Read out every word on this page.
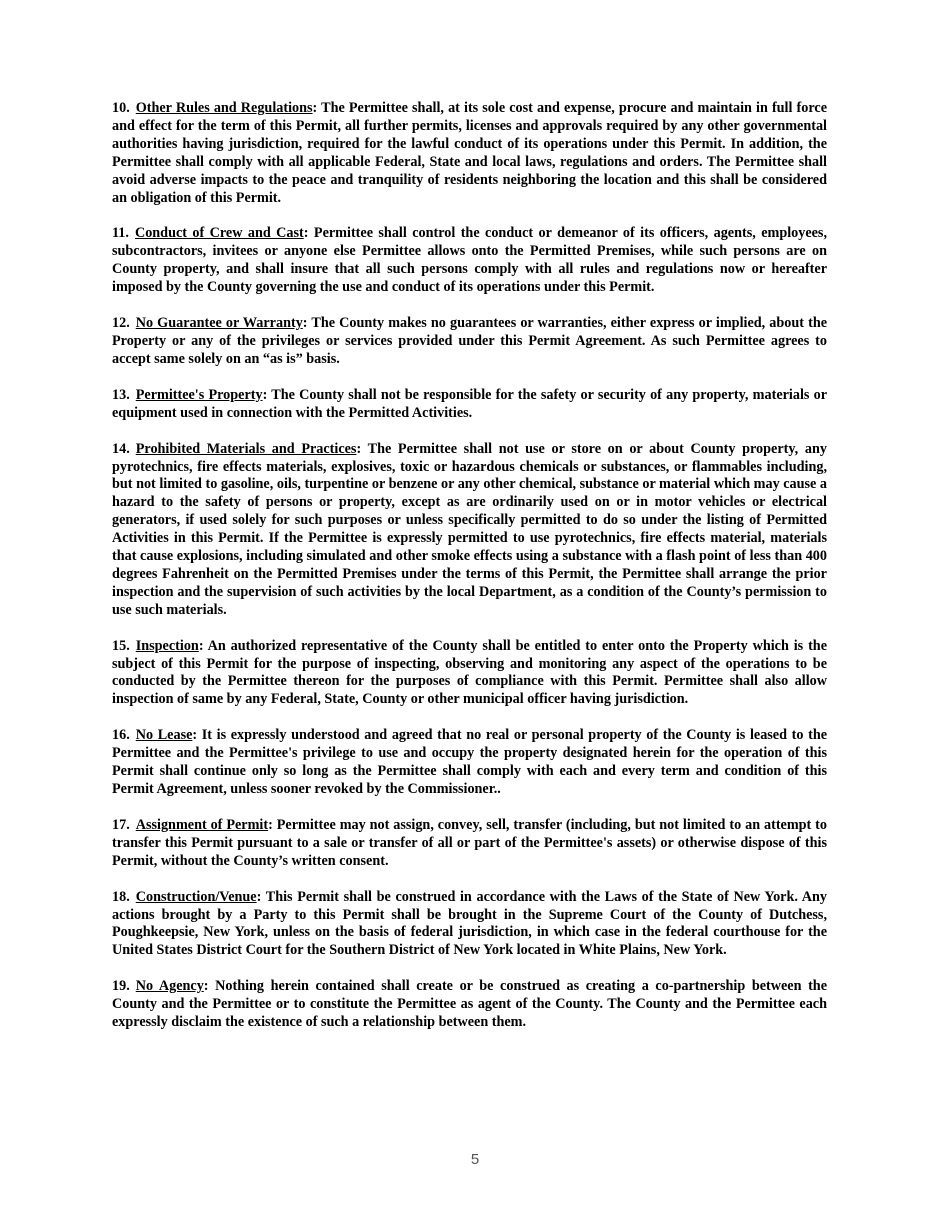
10. Other Rules and Regulations: The Permittee shall, at its sole cost and expense, procure and maintain in full force and effect for the term of this Permit, all further permits, licenses and approvals required by any other governmental authorities having jurisdiction, required for the lawful conduct of its operations under this Permit. In addition, the Permittee shall comply with all applicable Federal, State and local laws, regulations and orders. The Permittee shall avoid adverse impacts to the peace and tranquility of residents neighboring the location and this shall be considered an obligation of this Permit.

11. Conduct of Crew and Cast: Permittee shall control the conduct or demeanor of its officers, agents, employees, subcontractors, invitees or anyone else Permittee allows onto the Permitted Premises, while such persons are on County property, and shall insure that all such persons comply with all rules and regulations now or hereafter imposed by the County governing the use and conduct of its operations under this Permit.

12. No Guarantee or Warranty: The County makes no guarantees or warranties, either express or implied, about the Property or any of the privileges or services provided under this Permit Agreement. As such Permittee agrees to accept same solely on an “as is” basis.

13. Permittee's Property: The County shall not be responsible for the safety or security of any property, materials or equipment used in connection with the Permitted Activities.

14. Prohibited Materials and Practices: The Permittee shall not use or store on or about County property, any pyrotechnics, fire effects materials, explosives, toxic or hazardous chemicals or substances, or flammables including, but not limited to gasoline, oils, turpentine or benzene or any other chemical, substance or material which may cause a hazard to the safety of persons or property, except as are ordinarily used on or in motor vehicles or electrical generators, if used solely for such purposes or unless specifically permitted to do so under the listing of Permitted Activities in this Permit. If the Permittee is expressly permitted to use pyrotechnics, fire effects material, materials that cause explosions, including simulated and other smoke effects using a substance with a flash point of less than 400 degrees Fahrenheit on the Permitted Premises under the terms of this Permit, the Permittee shall arrange the prior inspection and the supervision of such activities by the local Department, as a condition of the County’s permission to use such materials.

15. Inspection: An authorized representative of the County shall be entitled to enter onto the Property which is the subject of this Permit for the purpose of inspecting, observing and monitoring any aspect of the operations to be conducted by the Permittee thereon for the purposes of compliance with this Permit. Permittee shall also allow inspection of same by any Federal, State, County or other municipal officer having jurisdiction.

16. No Lease: It is expressly understood and agreed that no real or personal property of the County is leased to the Permittee and the Permittee's privilege to use and occupy the property designated herein for the operation of this Permit shall continue only so long as the Permittee shall comply with each and every term and condition of this Permit Agreement, unless sooner revoked by the Commissioner..

17. Assignment of Permit: Permittee may not assign, convey, sell, transfer (including, but not limited to an attempt to transfer this Permit pursuant to a sale or transfer of all or part of the Permittee's assets) or otherwise dispose of this Permit, without the County’s written consent.

18. Construction/Venue: This Permit shall be construed in accordance with the Laws of the State of New York. Any actions brought by a Party to this Permit shall be brought in the Supreme Court of the County of Dutchess, Poughkeepsie, New York, unless on the basis of federal jurisdiction, in which case in the federal courthouse for the United States District Court for the Southern District of New York located in White Plains, New York.

19. No Agency: Nothing herein contained shall create or be construed as creating a co-partnership between the County and the Permittee or to constitute the Permittee as agent of the County. The County and the Permittee each expressly disclaim the existence of such a relationship between them.

5
